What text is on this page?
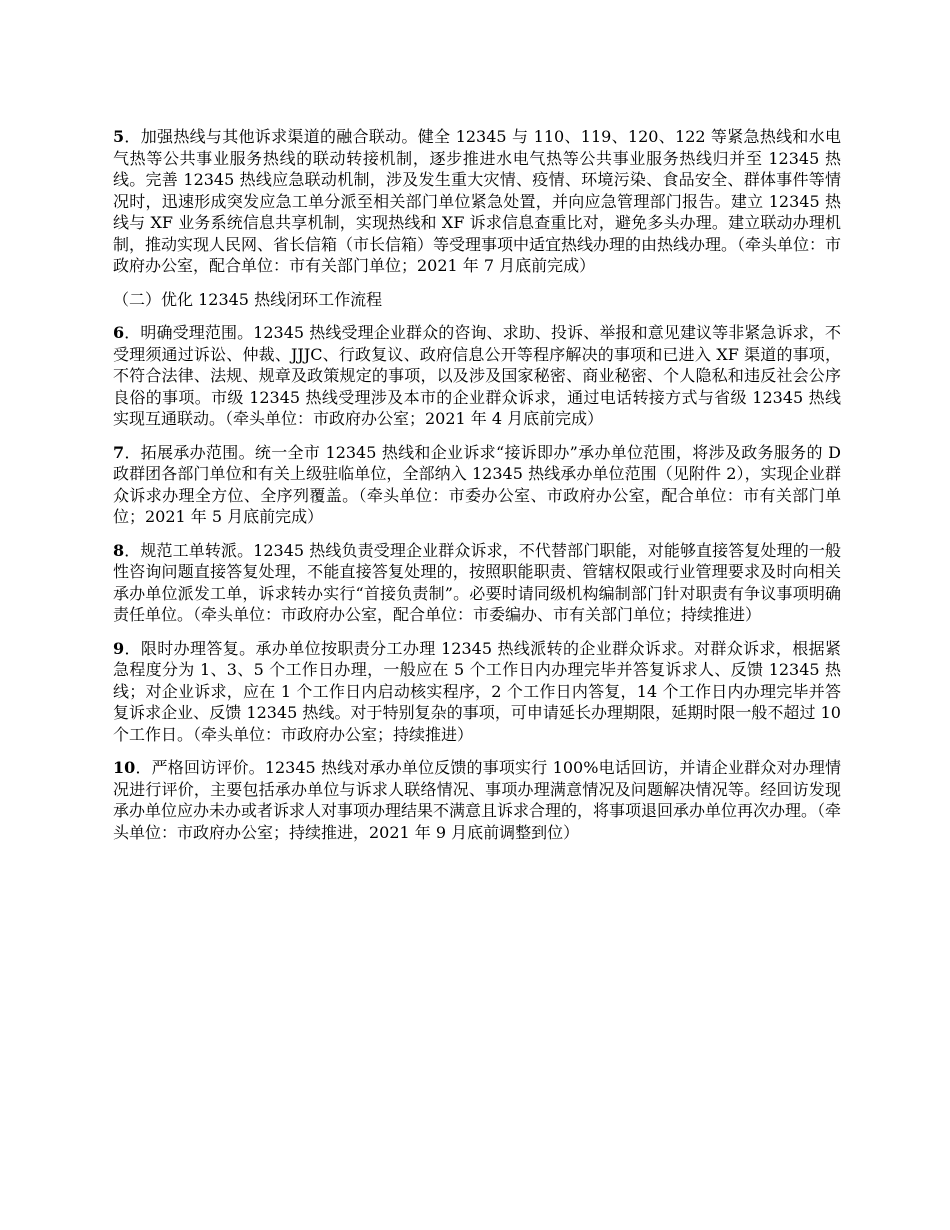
5．加强热线与其他诉求渠道的融合联动。健全 12345 与 110、119、120、122 等紧急热线和水电气热等公共事业服务热线的联动转接机制，逐步推进水电气热等公共事业服务热线归并至 12345 热线。完善 12345 热线应急联动机制，涉及发生重大灾情、疫情、环境污染、食品安全、群体事件等情况时，迅速形成突发应急工单分派至相关部门单位紧急处置，并向应急管理部门报告。建立 12345 热线与 XF 业务系统信息共享机制，实现热线和 XF 诉求信息查重比对，避免多头办理。建立联动办理机制，推动实现人民网、省长信箱（市长信箱）等受理事项中适宜热线办理的由热线办理。（牵头单位：市政府办公室，配合单位：市有关部门单位；2021 年 7 月底前完成）

（二）优化 12345 热线闭环工作流程

6．明确受理范围。12345 热线受理企业群众的咨询、求助、投诉、举报和意见建议等非紧急诉求，不受理须通过诉讼、仲裁、JJJC、行政复议、政府信息公开等程序解决的事项和已进入 XF 渠道的事项，不符合法律、法规、规章及政策规定的事项，以及涉及国家秘密、商业秘密、个人隐私和违反社会公序良俗的事项。市级 12345 热线受理涉及本市的企业群众诉求，通过电话转接方式与省级 12345 热线实现互通联动。（牵头单位：市政府办公室；2021 年 4 月底前完成）

7．拓展承办范围。统一全市 12345 热线和企业诉求“接诉即办”承办单位范围，将涉及政务服务的 D 政群团各部门单位和有关上级驻临单位，全部纳入 12345 热线承办单位范围（见附件 2），实现企业群众诉求办理全方位、全序列覆盖。（牵头单位：市委办公室、市政府办公室，配合单位：市有关部门单位；2021 年 5 月底前完成）

8．规范工单转派。12345 热线负责受理企业群众诉求，不代替部门职能，对能够直接答复处理的一般性咨询问题直接答复处理，不能直接答复处理的，按照职能职责、管辖权限或行业管理要求及时向相关承办单位派发工单，诉求转办实行“首接负责制”。必要时请同级机构编制部门针对职责有争议事项明确责任单位。（牵头单位：市政府办公室，配合单位：市委编办、市有关部门单位；持续推进）

9．限时办理答复。承办单位按职责分工办理 12345 热线派转的企业群众诉求。对群众诉求，根据紧急程度分为 1、3、5 个工作日办理，一般应在 5 个工作日内办理完毕并答复诉求人、反馈 12345 热线；对企业诉求，应在 1 个工作日内启动核实程序，2 个工作日内答复，14 个工作日内办理完毕并答复诉求企业、反馈 12345 热线。对于特别复杂的事项，可申请延长办理期限，延期时限一般不超过 10 个工作日。（牵头单位：市政府办公室；持续推进）

10．严格回访评价。12345 热线对承办单位反馈的事项实行 100%电话回访，并请企业群众对办理情况进行评价，主要包括承办单位与诉求人联络情况、事项办理满意情况及问题解决情况等。经回访发现承办单位应办未办或者诉求人对事项办理结果不满意且诉求合理的，将事项退回承办单位再次办理。（牵头单位：市政府办公室；持续推进，2021 年 9 月底前调整到位）
